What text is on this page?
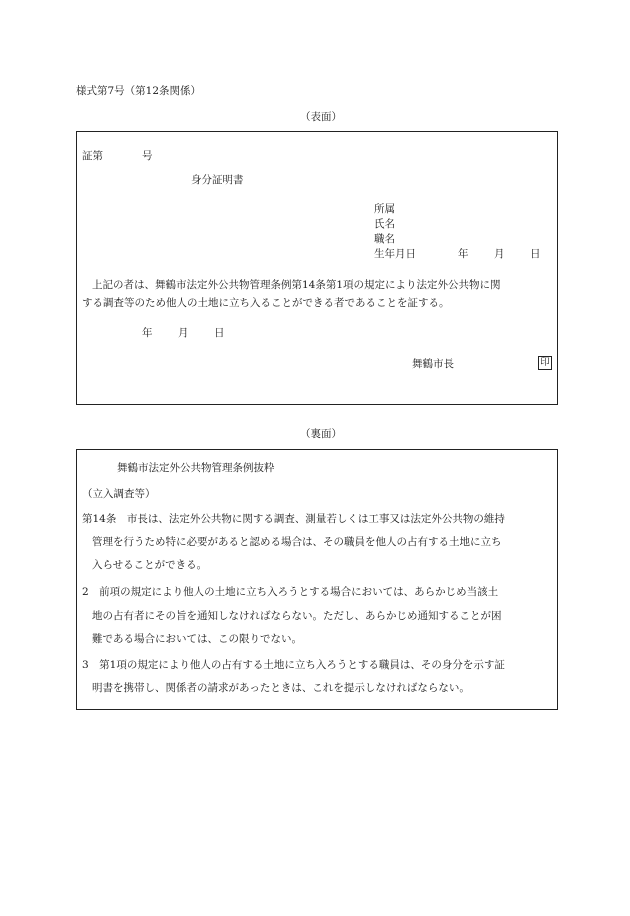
様式第7号（第12条関係）
（表面）
証第	号
身分証明書
所属
氏名
職名
生年月日	年 月 日
上記の者は、舞鶴市法定外公共物管理条例第14条第1項の規定により法定外公共物に関
する調査等のため他人の土地に立ち入ることができる者であることを証する。
年 月 日
舞鶴市長	印
（裏面）
舞鶴市法定外公共物管理条例抜粋
（立入調査等）
第14条　市長は、法定外公共物に関する調査、測量若しくは工事又は法定外公共物の維持
管理を行うため特に必要があると認める場合は、その職員を他人の占有する土地に立ち
入らせることができる。
2　前項の規定により他人の土地に立ち入ろうとする場合においては、あらかじめ当該土
地の占有者にその旨を通知しなければならない。ただし、あらかじめ通知することが困
難である場合においては、この限りでない。
3　第1項の規定により他人の占有する土地に立ち入ろうとする職員は、その身分を示す証
明書を携帯し、関係者の請求があったときは、これを提示しなければならない。
